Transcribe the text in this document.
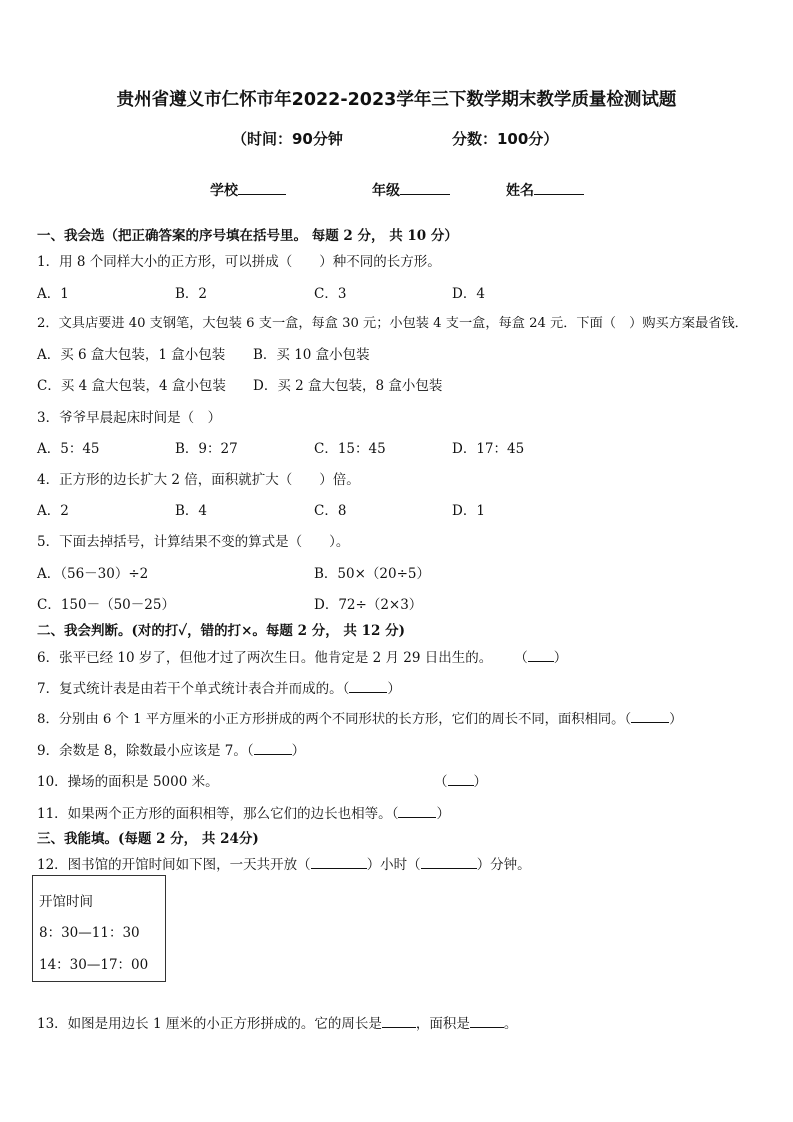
贵州省遵义市仁怀市年2022-2023学年三下数学期末教学质量检测试题
（时间：90分钟	分数：100分）
学校	年级	姓名
一、我会选（把正确答案的序号填在括号里。 每题 2 分， 共 10 分）
1．用 8 个同样大小的正方形，可以拼成（　　）种不同的长方形。
A．1	B．2	C．3	D．4
2．文具店要进 40 支钢笔，大包装 6 支一盒，每盒 30 元；小包装 4 支一盒，每盒 24 元．下面（　）购买方案最省钱．
A．买 6 盒大包装，1 盒小包装 B．买 10 盒小包装
C．买 4 盒大包装，4 盒小包装 D．买 2 盒大包装，8 盒小包装
3．爷爷早晨起床时间是（　）
A．5：45	B．9：27	C．15：45	D．17：45
4．正方形的边长扩大 2 倍，面积就扩大（　　）倍。
A．2	B．4	C．8	D．1
5．下面去掉括号，计算结果不变的算式是（　　）。
A．（56－30）÷2	B．50×（20÷5）
C．150－（50－25）	D．72÷（2×3）
二、我会判断。(对的打✓，错的打×。每题 2 分， 共 12 分)
6．张平已经 10 岁了，但他才过了两次生日。他肯定是 2 月 29 日出生的。 （ ）
7．复式统计表是由若干个单式统计表合并而成的。（	）
8．分别由 6 个 1 平方厘米的小正方形拼成的两个不同形状的长方形，它们的周长不同，面积相同。（	）
9．余数是 8，除数最小应该是 7。（	）
10．操场的面积是 5000 米。	（ ）
11．如果两个正方形的面积相等，那么它们的边长也相等。（	）
三、我能填。(每题 2 分， 共 24分)
12．图书馆的开馆时间如下图，一天共开放（	）小时（	）分钟。
开馆时间
8：30—11：30
14：30—17：00
13．如图是用边长 1 厘米的小正方形拼成的。它的周长是	，面积是	。
